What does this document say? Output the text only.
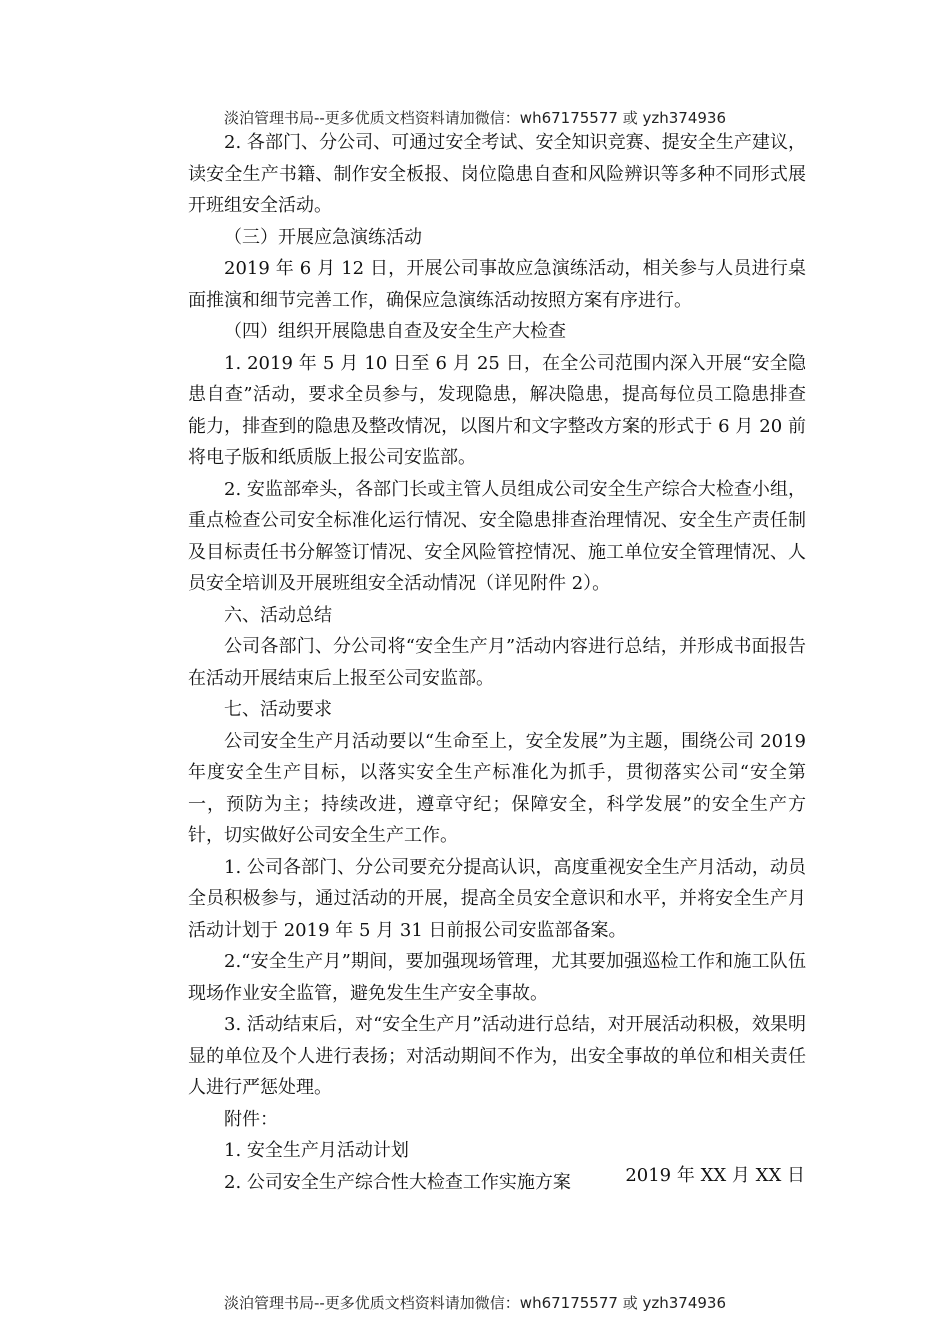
淡泊管理书局--更多优质文档资料请加微信：wh67175577 或 yzh374936

2. 各部门、分公司、可通过安全考试、安全知识竞赛、提安全生产建议，读安全生产书籍、制作安全板报、岗位隐患自查和风险辨识等多种不同形式展开班组安全活动。

（三）开展应急演练活动

2019 年 6 月 12 日，开展公司事故应急演练活动，相关参与人员进行桌面推演和细节完善工作，确保应急演练活动按照方案有序进行。

（四）组织开展隐患自查及安全生产大检查

1. 2019 年 5 月 10 日至 6 月 25 日，在全公司范围内深入开展“安全隐患自查”活动，要求全员参与，发现隐患，解决隐患，提高每位员工隐患排查能力，排查到的隐患及整改情况，以图片和文字整改方案的形式于 6 月 20 前将电子版和纸质版上报公司安监部。

2. 安监部牵头，各部门长或主管人员组成公司安全生产综合大检查小组，重点检查公司安全标准化运行情况、安全隐患排查治理情况、安全生产责任制及目标责任书分解签订情况、安全风险管控情况、施工单位安全管理情况、人员安全培训及开展班组安全活动情况（详见附件 2）。

六、活动总结

公司各部门、分公司将“安全生产月”活动内容进行总结，并形成书面报告在活动开展结束后上报至公司安监部。

七、活动要求

公司安全生产月活动要以“生命至上，安全发展”为主题，围绕公司 2019 年度安全生产目标，以落实安全生产标准化为抓手，贯彻落实公司“安全第一，预防为主；持续改进，遵章守纪；保障安全，科学发展”的安全生产方针，切实做好公司安全生产工作。

1. 公司各部门、分公司要充分提高认识，高度重视安全生产月活动，动员全员积极参与，通过活动的开展，提高全员安全意识和水平，并将安全生产月活动计划于 2019 年 5 月 31 日前报公司安监部备案。

2.“安全生产月”期间，要加强现场管理，尤其要加强巡检工作和施工队伍现场作业安全监管，避免发生生产安全事故。

3. 活动结束后，对“安全生产月”活动进行总结，对开展活动积极，效果明显的单位及个人进行表扬；对活动期间不作为，出安全事故的单位和相关责任人进行严惩处理。

附件：

1. 安全生产月活动计划

2. 公司安全生产综合性大检查工作实施方案	2019 年 XX 月 XX 日
淡泊管理书局--更多优质文档资料请加微信：wh67175577 或 yzh374936
